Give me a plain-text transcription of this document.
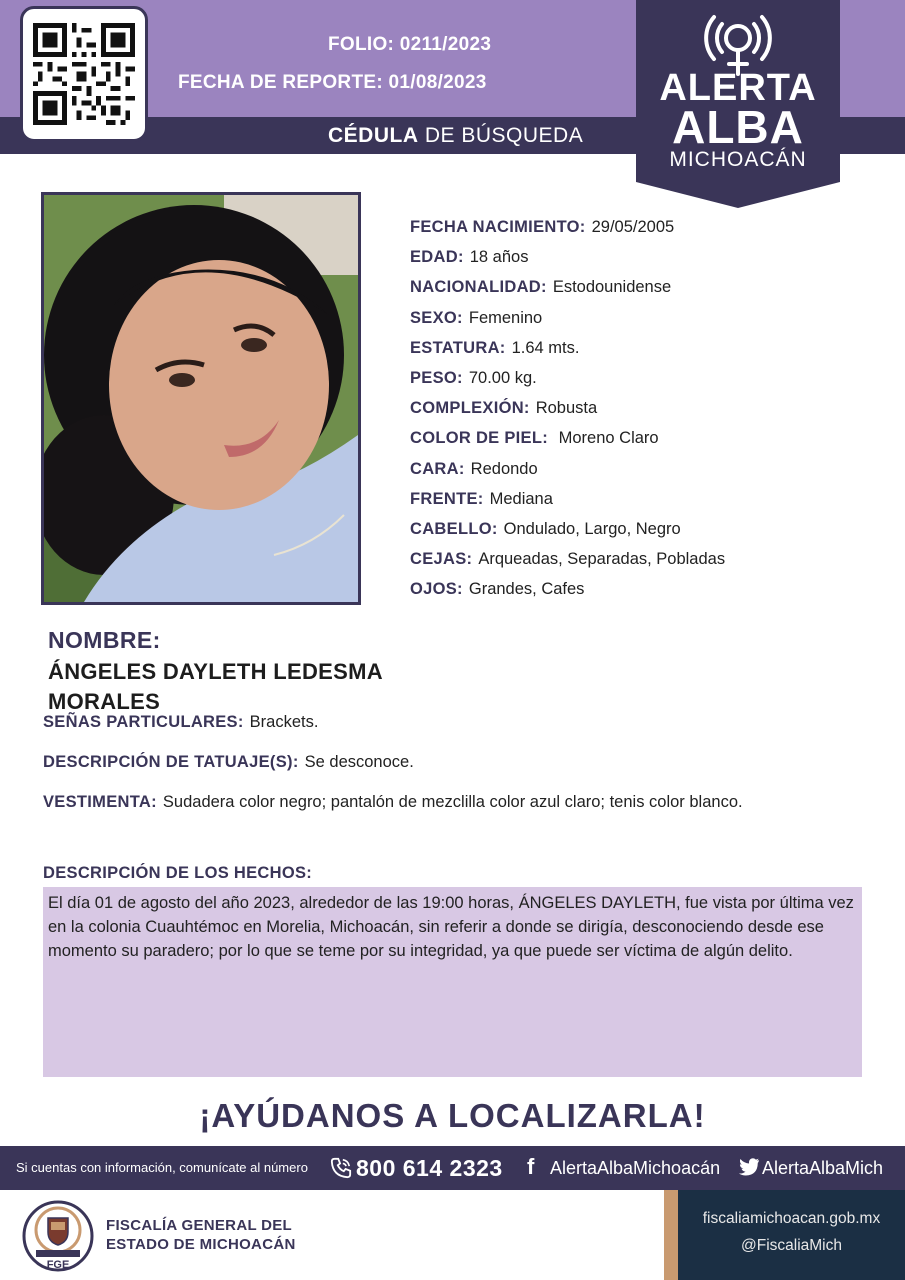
FOLIO: 0211/2023
FECHA DE REPORTE: 01/08/2023
CÉDULA DE BÚSQUEDA
ALERTA
ALBA
MICHOACÁN
FECHA NACIMIENTO: 29/05/2005
EDAD: 18 años
NACIONALIDAD: Estodounidense
SEXO: Femenino
ESTATURA: 1.64 mts.
PESO: 70.00 kg.
COMPLEXIÓN: Robusta
COLOR DE PIEL: Moreno Claro
CARA: Redondo
FRENTE: Mediana
CABELLO: Ondulado, Largo, Negro
CEJAS: Arqueadas, Separadas, Pobladas
OJOS: Grandes, Cafes
NOMBRE:
ÁNGELES DAYLETH LEDESMA MORALES
SEÑAS PARTICULARES: Brackets.
DESCRIPCIÓN DE TATUAJE(S): Se desconoce.
VESTIMENTA: Sudadera color negro; pantalón de mezclilla color azul claro; tenis color blanco.
DESCRIPCIÓN DE LOS HECHOS:
El día 01 de agosto del año 2023, alrededor de las 19:00 horas, ÁNGELES DAYLETH, fue vista por última vez en la colonia Cuauhtémoc en Morelia, Michoacán, sin referir a donde se dirigía, desconociendo desde ese momento su paradero; por lo que se teme por su integridad, ya que puede ser víctima de algún delito.
¡AYÚDANOS A LOCALIZARLA!
Si cuentas con información, comunícate al número 800 614 2323 f AlertaAlbaMichoacán AlertaAlbaMich
FGE
FISCALÍA GENERAL DEL
ESTADO DE MICHOACÁN
fiscaliamichoacan.gob.mx
@FiscaliaMich
